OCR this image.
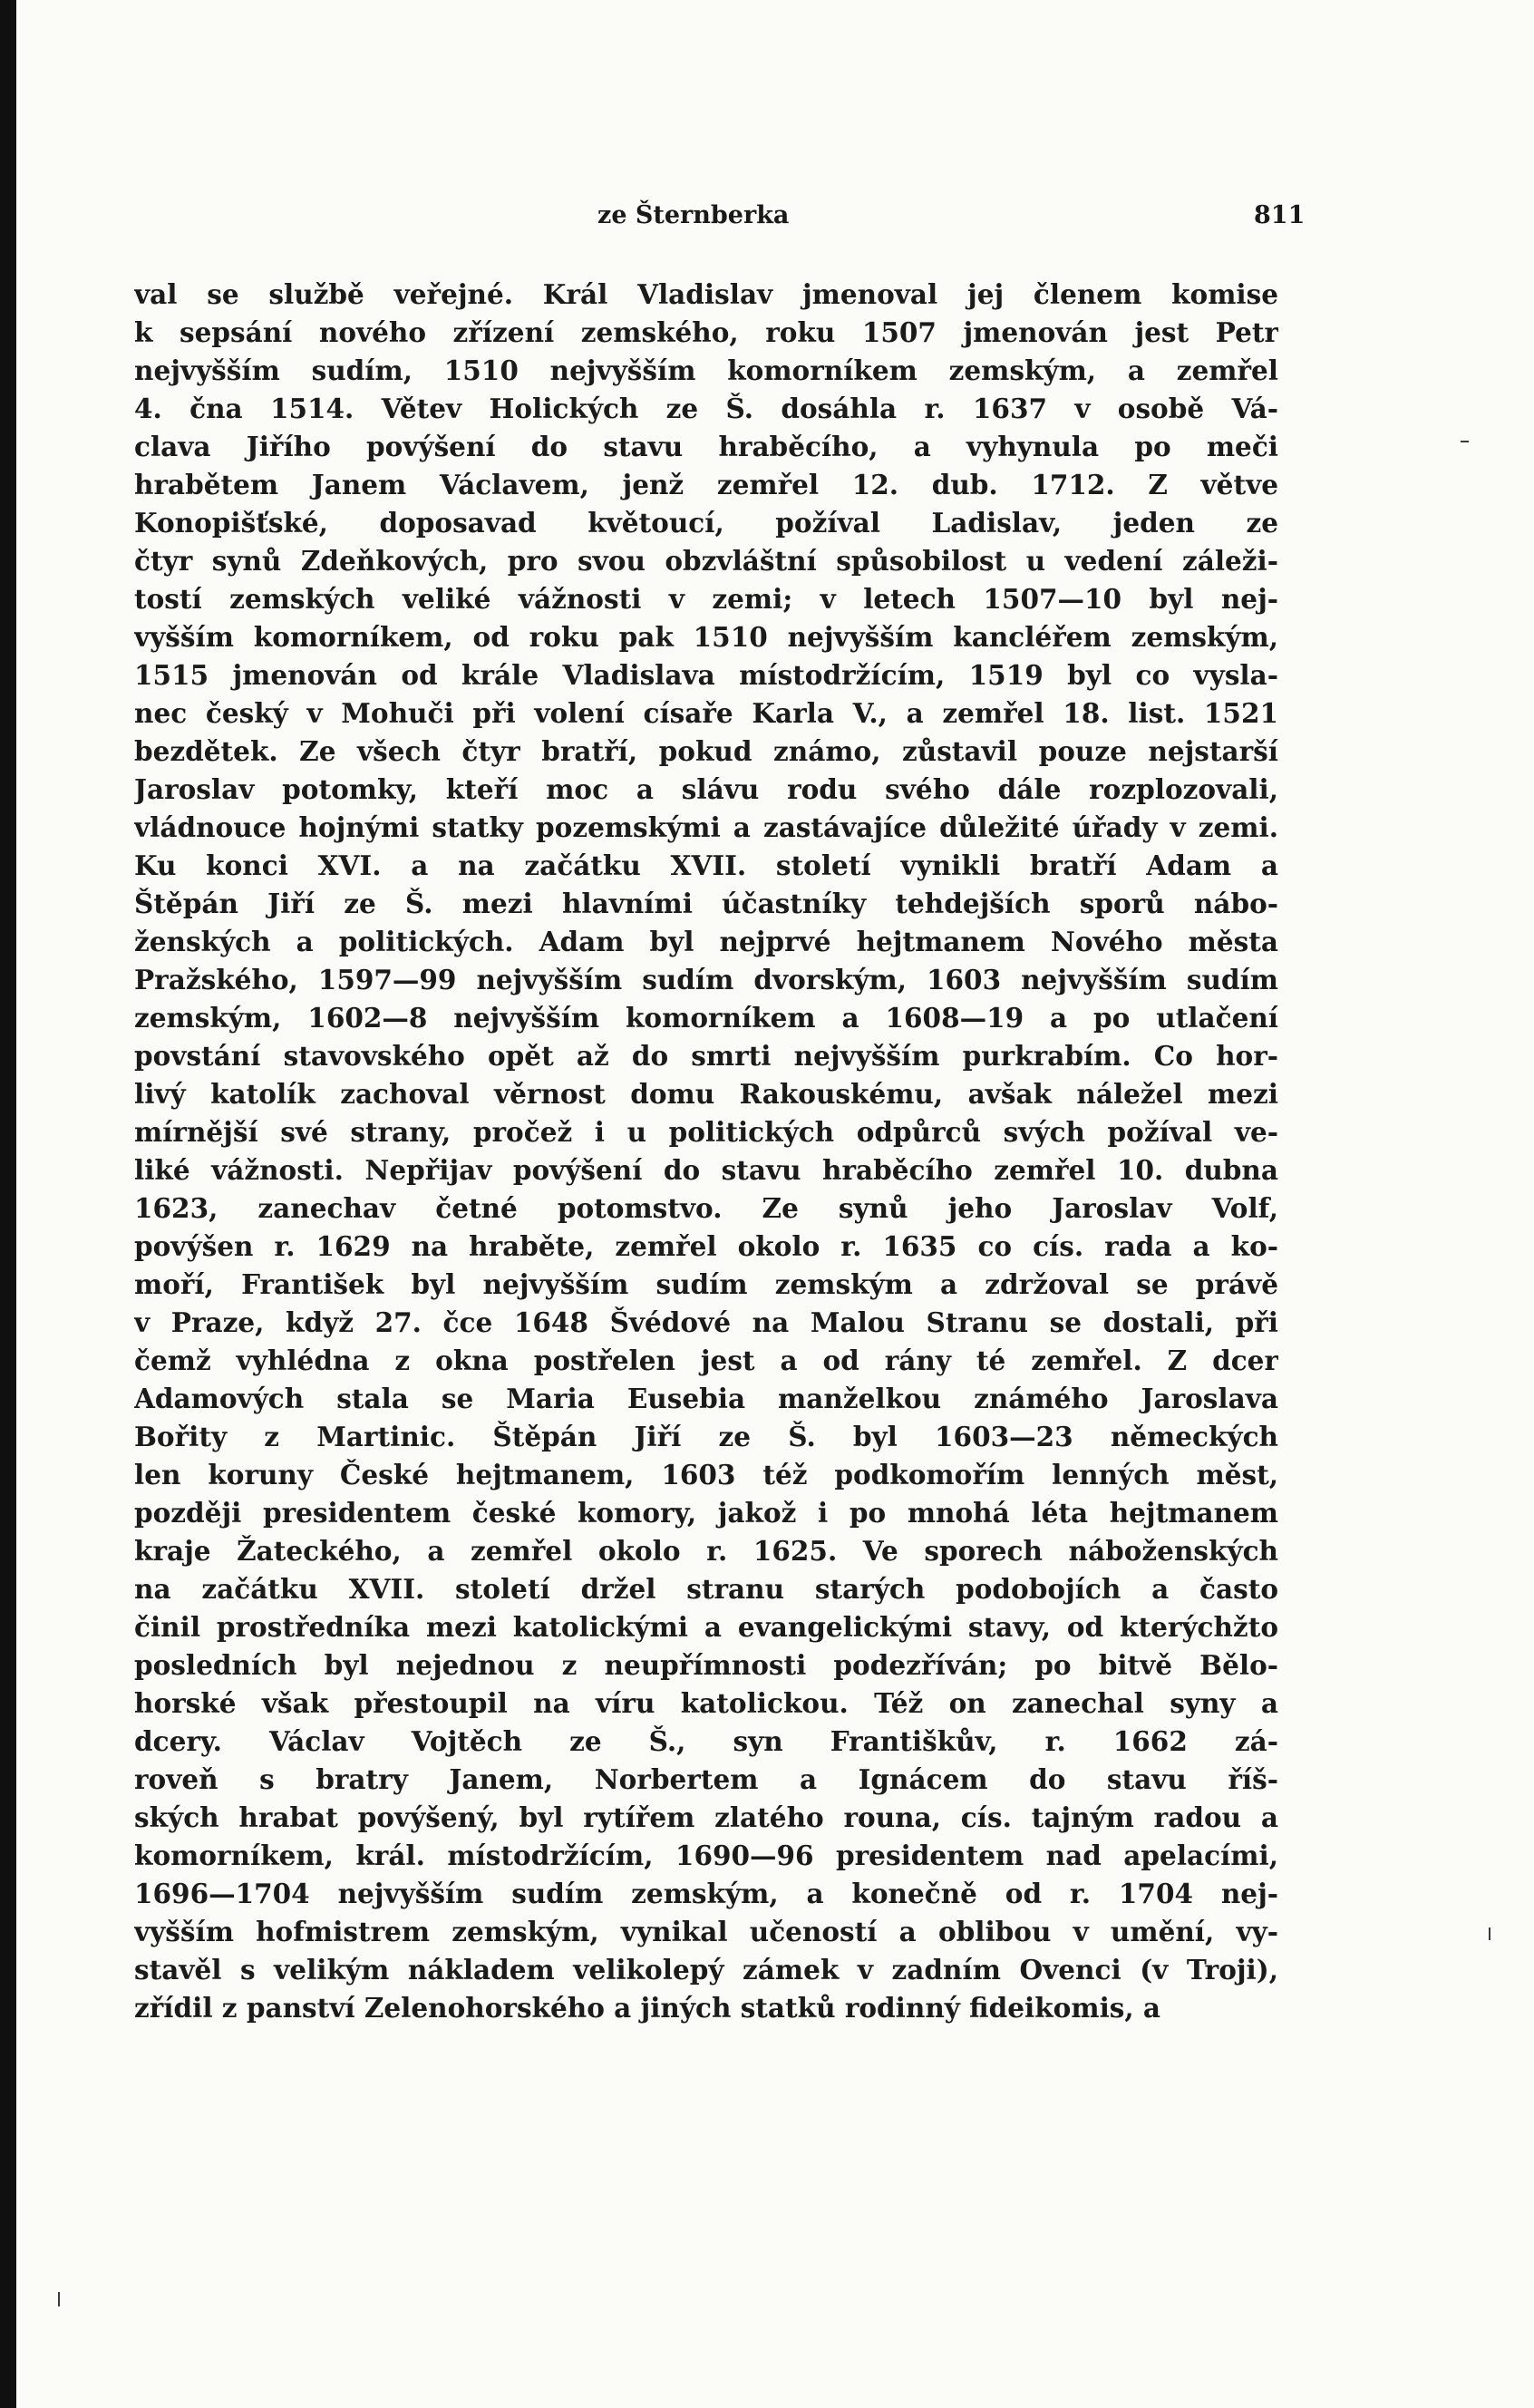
ze Šternberka	811
val se službě veřejné. Král Vladislav jmenoval jej členem komise
k sepsání nového zřízení zemského, roku 1507 jmenován jest Petr
nejvyšším sudím, 1510 nejvyšším komorníkem zemským, a zemřel
4. čna 1514. Větev Holických ze Š. dosáhla r. 1637 v osobě Vá-
clava Jiřího povýšení do stavu hraběcího, a vyhynula po meči
hrabětem Janem Václavem, jenž zemřel 12. dub. 1712. Z větve
Konopišťské, doposavad květoucí, požíval Ladislav, jeden ze
čtyr synů Zdeňkových, pro svou obzvláštní spůsobilost u vedení záleži-
tostí zemských veliké vážnosti v zemi; v letech 1507—10 byl nej-
vyšším komorníkem, od roku pak 1510 nejvyšším kancléřem zemským,
1515 jmenován od krále Vladislava místodržícím, 1519 byl co vysla-
nec český v Mohuči při volení císaře Karla V., a zemřel 18. list. 1521
bezdětek. Ze všech čtyr bratří, pokud známo, zůstavil pouze nejstarší
Jaroslav potomky, kteří moc a slávu rodu svého dále rozplozovali,
vládnouce hojnými statky pozemskými a zastávajíce důležité úřady v zemi.
Ku konci XVI. a na začátku XVII. století vynikli bratří Adam a
Štěpán Jiří ze Š. mezi hlavními účastníky tehdejších sporů nábo-
ženských a politických. Adam byl nejprvé hejtmanem Nového města
Pražského, 1597—99 nejvyšším sudím dvorským, 1603 nejvyšším sudím
zemským, 1602—8 nejvyšším komorníkem a 1608—19 a po utlačení
povstání stavovského opět až do smrti nejvyšším purkrabím. Co hor-
livý katolík zachoval věrnost domu Rakouskému, avšak náležel mezi
mírnější své strany, pročež i u politických odpůrců svých požíval ve-
liké vážnosti. Nepřijav povýšení do stavu hraběcího zemřel 10. dubna
1623, zanechav četné potomstvo. Ze synů jeho Jaroslav Volf,
povýšen r. 1629 na hraběte, zemřel okolo r. 1635 co cís. rada a ko-
moří, František byl nejvyšším sudím zemským a zdržoval se právě
v Praze, když 27. čce 1648 Švédové na Malou Stranu se dostali, při
čemž vyhlédna z okna postřelen jest a od rány té zemřel. Z dcer
Adamových stala se Maria Eusebia manželkou známého Jaroslava
Bořity z Martinic. Štěpán Jiří ze Š. byl 1603—23 německých
len koruny České hejtmanem, 1603 též podkomořím lenných měst,
později presidentem české komory, jakož i po mnohá léta hejtmanem
kraje Žateckého, a zemřel okolo r. 1625. Ve sporech náboženských
na začátku XVII. století držel stranu starých podobojích a často
činil prostředníka mezi katolickými a evangelickými stavy, od kterýchžto
posledních byl nejednou z neupřímnosti podezříván; po bitvě Bělo-
horské však přestoupil na víru katolickou. Též on zanechal syny a
dcery. Václav Vojtěch ze Š., syn Františkův, r. 1662 zá-
roveň s bratry Janem, Norbertem a Ignácem do stavu říš-
ských hrabat povýšený, byl rytířem zlatého rouna, cís. tajným radou a
komorníkem, král. místodržícím, 1690—96 presidentem nad apelacími,
1696—1704 nejvyšším sudím zemským, a konečně od r. 1704 nej-
vyšším hofmistrem zemským, vynikal učeností a oblibou v umění, vy-
stavěl s velikým nákladem velikolepý zámek v zadním Ovenci (v Troji),
zřídil z panství Zelenohorského a jiných statků rodinný fideikomis, a
